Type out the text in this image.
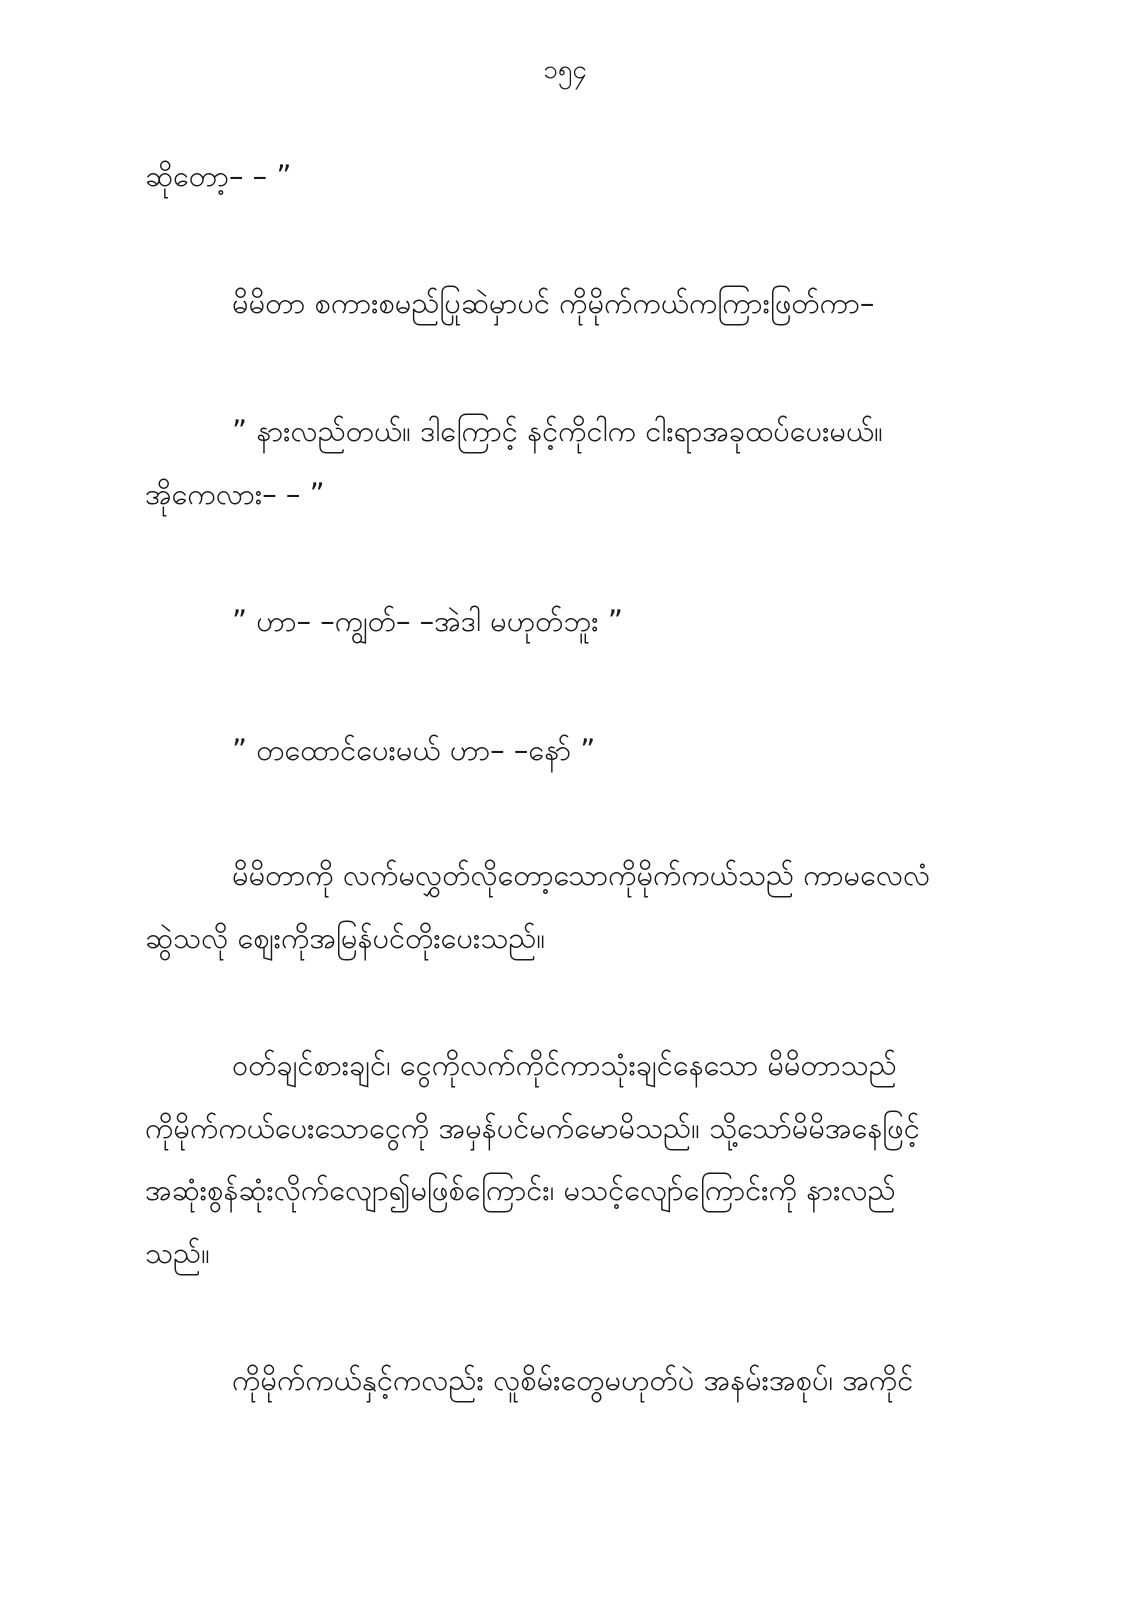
၁၅၄
ဆိုတော့– – ”
မိမိတာ စကားစမည်ပြုဆဲမှာပင် ကိုမိုက်ကယ်ကကြားဖြတ်ကာ–
” နားလည်တယ်။ ဒါကြောင့် နင့်ကိုငါက ငါးရာအခုထပ်ပေးမယ်။
အိုကေလား– – ”
” ဟာ– –ကျွတ်– –အဲဒါ မဟုတ်ဘူး ”
” တထောင်ပေးမယ် ဟာ– –နော် ”
မိမိတာကို လက်မလွှတ်လိုတော့သောကိုမိုက်ကယ်သည် ကာမလေလံ
ဆွဲသလို ဈေးကိုအမြန်ပင်တိုးပေးသည်။
ဝတ်ချင်စားချင်၊ ငွေကိုလက်ကိုင်ကာသုံးချင်နေသော မိမိတာသည်
ကိုမိုက်ကယ်ပေးသောငွေကို အမှန်ပင်မက်မောမိသည်။ သို့သော်မိမိအနေဖြင့်
အဆုံးစွန်ဆုံးလိုက်လျော၍မဖြစ်ကြောင်း၊ မသင့်လျော်ကြောင်းကို နားလည်
သည်။
ကိုမိုက်ကယ်နှင့်ကလည်း လူစိမ်းတွေမဟုတ်ပဲ အနမ်းအစုပ်၊ အကိုင်
